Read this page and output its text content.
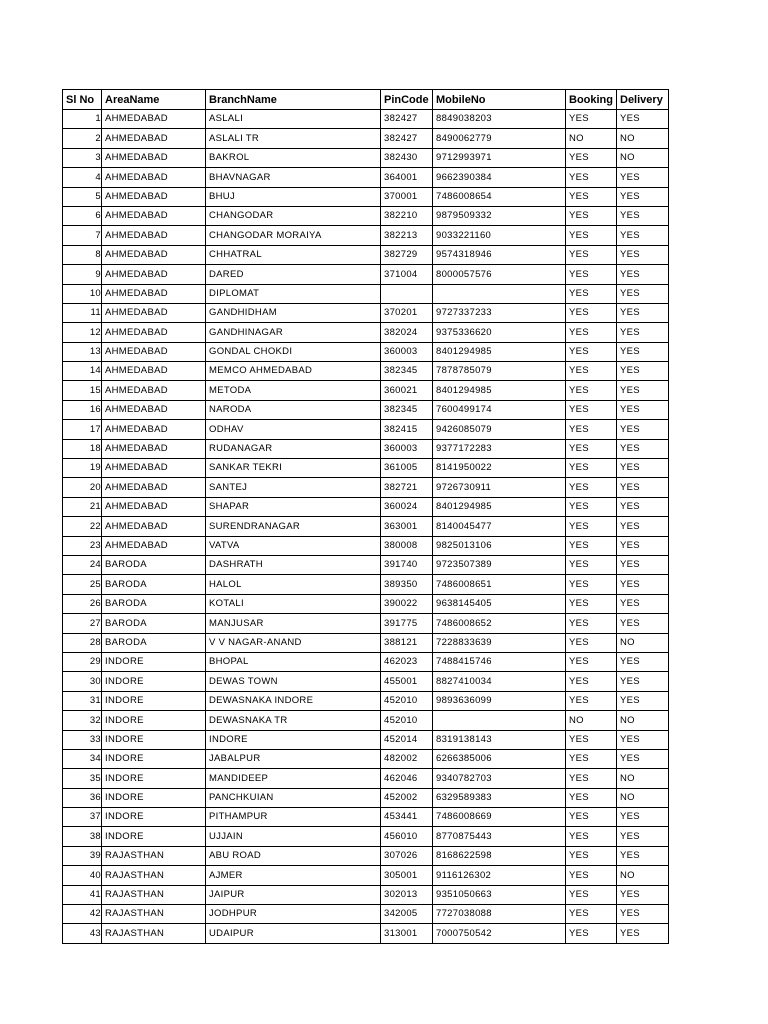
Sl No	AreaName	BranchName	PinCode	MobileNo	Booking	Delivery
1	AHMEDABAD	ASLALI	382427	8849038203	YES	YES
2	AHMEDABAD	ASLALI TR	382427	8490062779	NO	NO
3	AHMEDABAD	BAKROL	382430	9712993971	YES	NO
4	AHMEDABAD	BHAVNAGAR	364001	9662390384	YES	YES
5	AHMEDABAD	BHUJ	370001	7486008654	YES	YES
6	AHMEDABAD	CHANGODAR	382210	9879509332	YES	YES
7	AHMEDABAD	CHANGODAR MORAIYA	382213	9033221160	YES	YES
8	AHMEDABAD	CHHATRAL	382729	9574318946	YES	YES
9	AHMEDABAD	DARED	371004	8000057576	YES	YES
10	AHMEDABAD	DIPLOMAT			YES	YES
11	AHMEDABAD	GANDHIDHAM	370201	9727337233	YES	YES
12	AHMEDABAD	GANDHINAGAR	382024	9375336620	YES	YES
13	AHMEDABAD	GONDAL CHOKDI	360003	8401294985	YES	YES
14	AHMEDABAD	MEMCO AHMEDABAD	382345	7878785079	YES	YES
15	AHMEDABAD	METODA	360021	8401294985	YES	YES
16	AHMEDABAD	NARODA	382345	7600499174	YES	YES
17	AHMEDABAD	ODHAV	382415	9426085079	YES	YES
18	AHMEDABAD	RUDANAGAR	360003	9377172283	YES	YES
19	AHMEDABAD	SANKAR TEKRI	361005	8141950022	YES	YES
20	AHMEDABAD	SANTEJ	382721	9726730911	YES	YES
21	AHMEDABAD	SHAPAR	360024	8401294985	YES	YES
22	AHMEDABAD	SURENDRANAGAR	363001	8140045477	YES	YES
23	AHMEDABAD	VATVA	380008	9825013106	YES	YES
24	BARODA	DASHRATH	391740	9723507389	YES	YES
25	BARODA	HALOL	389350	7486008651	YES	YES
26	BARODA	KOTALI	390022	9638145405	YES	YES
27	BARODA	MANJUSAR	391775	7486008652	YES	YES
28	BARODA	V V NAGAR-ANAND	388121	7228833639	YES	NO
29	INDORE	BHOPAL	462023	7488415746	YES	YES
30	INDORE	DEWAS TOWN	455001	8827410034	YES	YES
31	INDORE	DEWASNAKA INDORE	452010	9893636099	YES	YES
32	INDORE	DEWASNAKA TR	452010		NO	NO
33	INDORE	INDORE	452014	8319138143	YES	YES
34	INDORE	JABALPUR	482002	6266385006	YES	YES
35	INDORE	MANDIDEEP	462046	9340782703	YES	NO
36	INDORE	PANCHKUIAN	452002	6329589383	YES	NO
37	INDORE	PITHAMPUR	453441	7486008669	YES	YES
38	INDORE	UJJAIN	456010	8770875443	YES	YES
39	RAJASTHAN	ABU ROAD	307026	8168622598	YES	YES
40	RAJASTHAN	AJMER	305001	9116126302	YES	NO
41	RAJASTHAN	JAIPUR	302013	9351050663	YES	YES
42	RAJASTHAN	JODHPUR	342005	7727038088	YES	YES
43	RAJASTHAN	UDAIPUR	313001	7000750542	YES	YES
